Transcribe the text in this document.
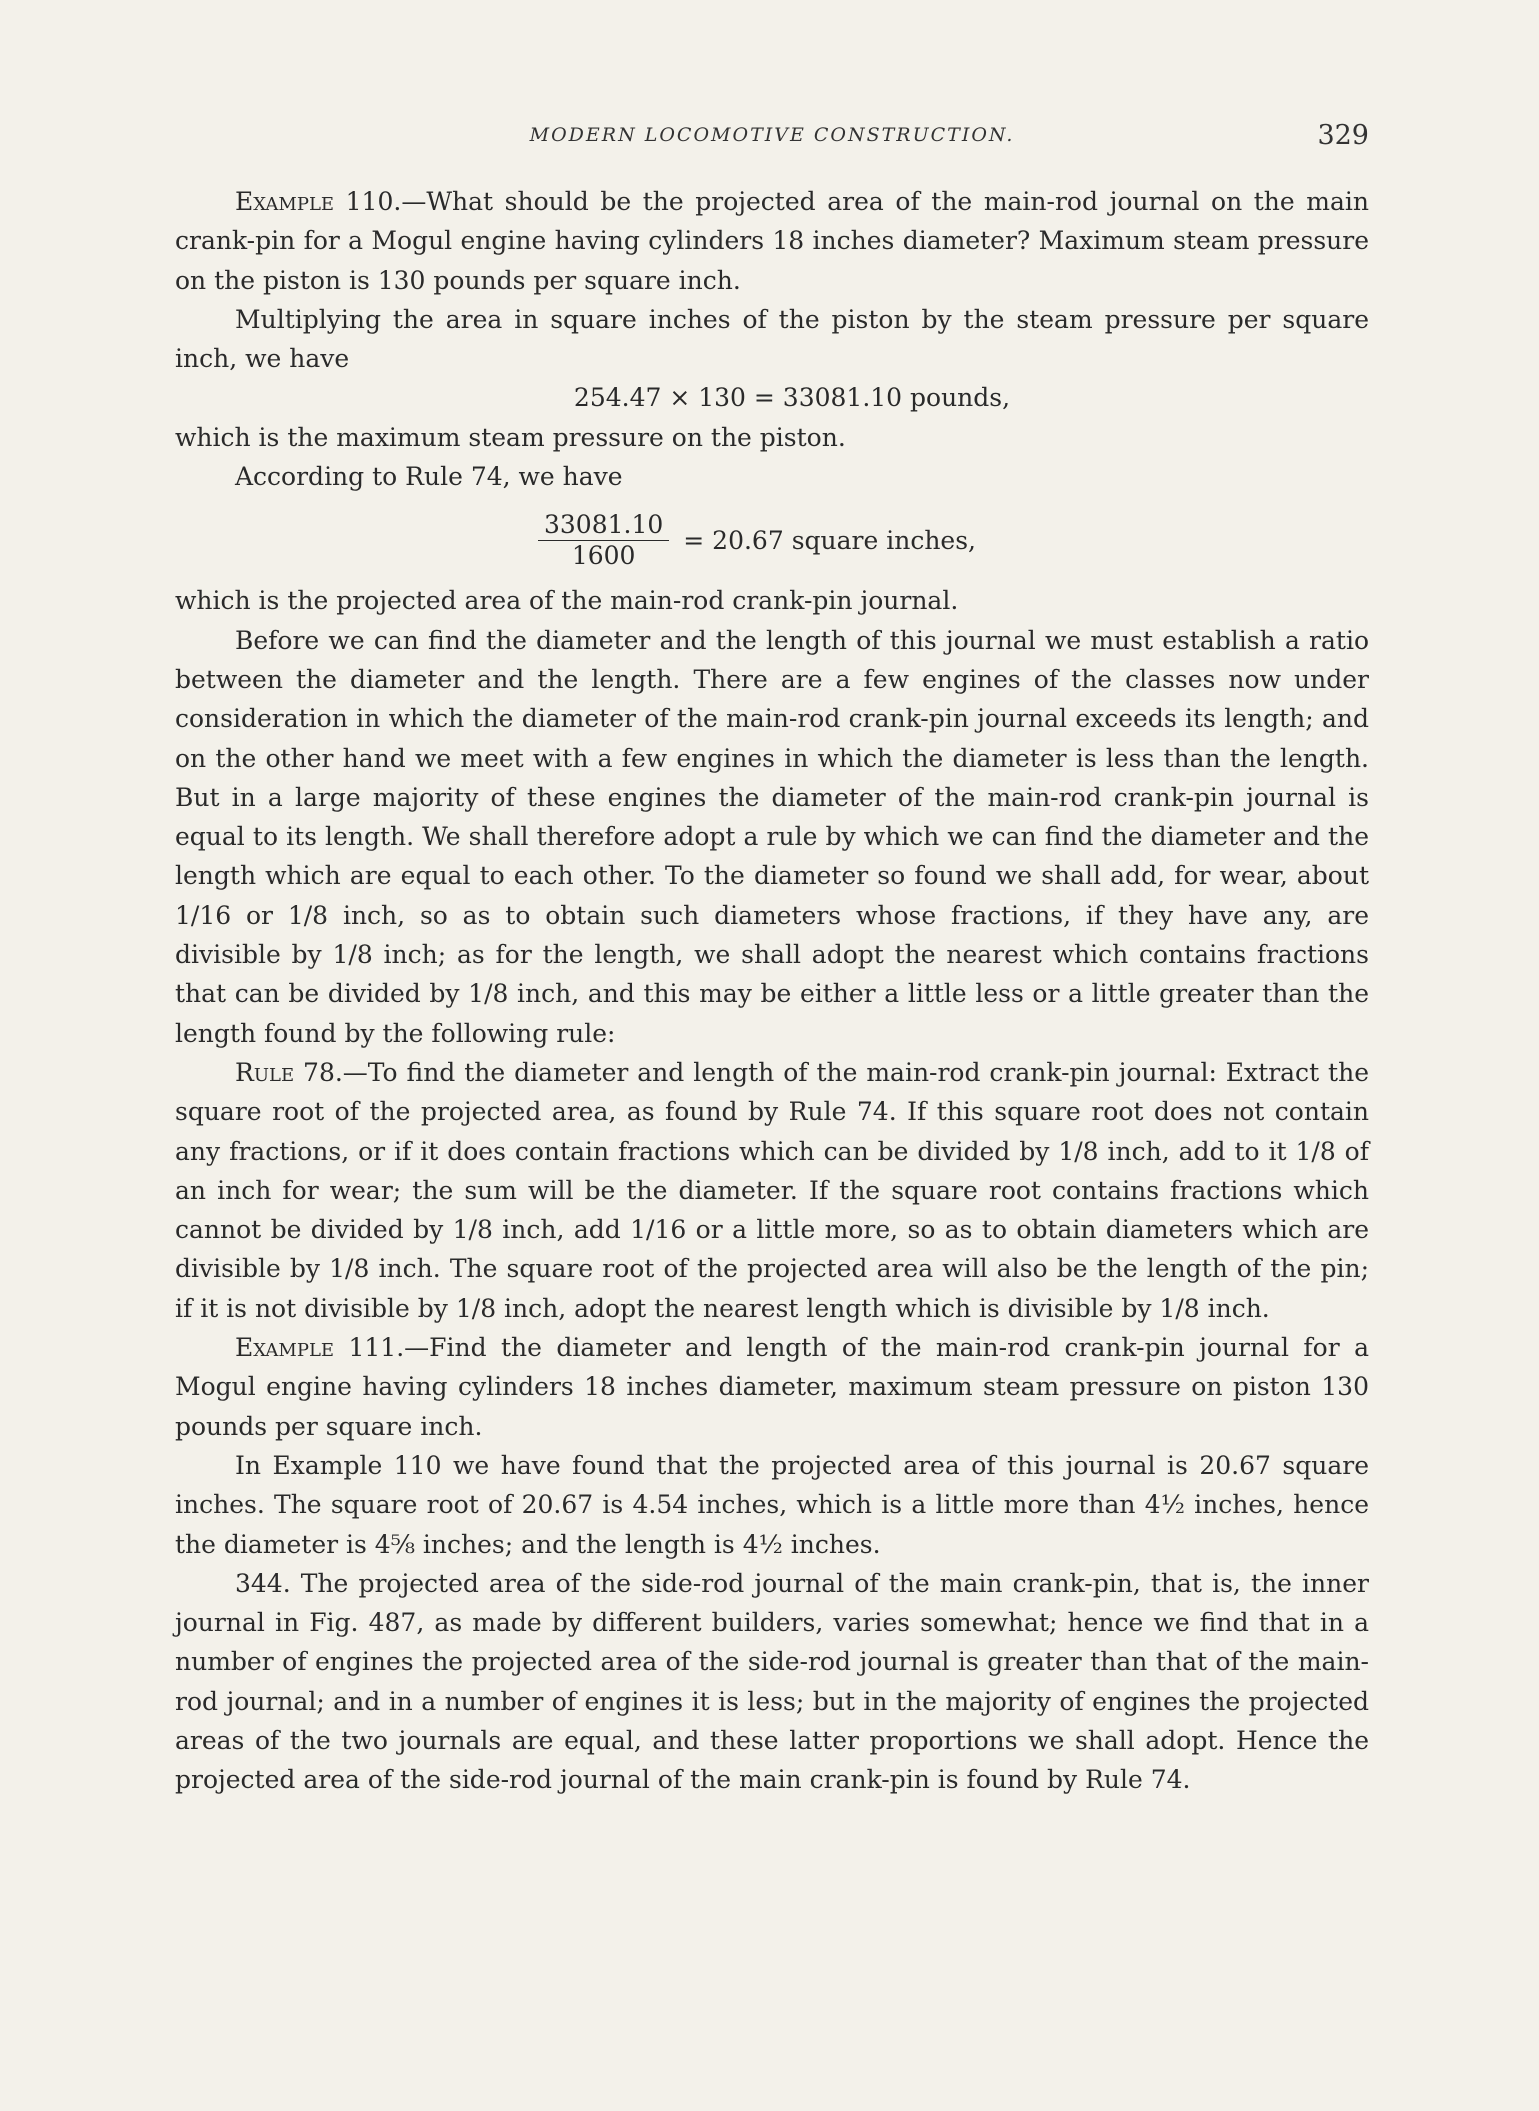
MODERN LOCOMOTIVE CONSTRUCTION.	329

Example 110.—What should be the projected area of the main-rod journal on the main crank-pin for a Mogul engine having cylinders 18 inches diameter? Maximum steam pressure on the piston is 130 pounds per square inch.

Multiplying the area in square inches of the piston by the steam pressure per square inch, we have

254.47 × 130 = 33081.10 pounds,

which is the maximum steam pressure on the piston.

According to Rule 74, we have

$\frac{33081.10}{1600} = 20.67$ square inches,

which is the projected area of the main-rod crank-pin journal.

Before we can find the diameter and the length of this journal we must establish a ratio between the diameter and the length. There are a few engines of the classes now under consideration in which the diameter of the main-rod crank-pin journal exceeds its length; and on the other hand we meet with a few engines in which the diameter is less than the length. But in a large majority of these engines the diameter of the main-rod crank-pin journal is equal to its length. We shall therefore adopt a rule by which we can find the diameter and the length which are equal to each other. To the diameter so found we shall add, for wear, about 1/16 or 1/8 inch, so as to obtain such diameters whose fractions, if they have any, are divisible by 1/8 inch; as for the length, we shall adopt the nearest which contains fractions that can be divided by 1/8 inch, and this may be either a little less or a little greater than the length found by the following rule:

Rule 78.—To find the diameter and length of the main-rod crank-pin journal: Extract the square root of the projected area, as found by Rule 74. If this square root does not contain any fractions, or if it does contain fractions which can be divided by 1/8 inch, add to it 1/8 of an inch for wear; the sum will be the diameter. If the square root contains fractions which cannot be divided by 1/8 inch, add 1/16 or a little more, so as to obtain diameters which are divisible by 1/8 inch. The square root of the projected area will also be the length of the pin; if it is not divisible by 1/8 inch, adopt the nearest length which is divisible by 1/8 inch.

Example 111.—Find the diameter and length of the main-rod crank-pin journal for a Mogul engine having cylinders 18 inches diameter, maximum steam pressure on piston 130 pounds per square inch.

In Example 110 we have found that the projected area of this journal is 20.67 square inches. The square root of 20.67 is 4.54 inches, which is a little more than 4½ inches, hence the diameter is 4⅝ inches; and the length is 4½ inches.

344. The projected area of the side-rod journal of the main crank-pin, that is, the inner journal in Fig. 487, as made by different builders, varies somewhat; hence we find that in a number of engines the projected area of the side-rod journal is greater than that of the main-rod journal; and in a number of engines it is less; but in the majority of engines the projected areas of the two journals are equal, and these latter proportions we shall adopt. Hence the projected area of the side-rod journal of the main crank-pin is found by Rule 74.
